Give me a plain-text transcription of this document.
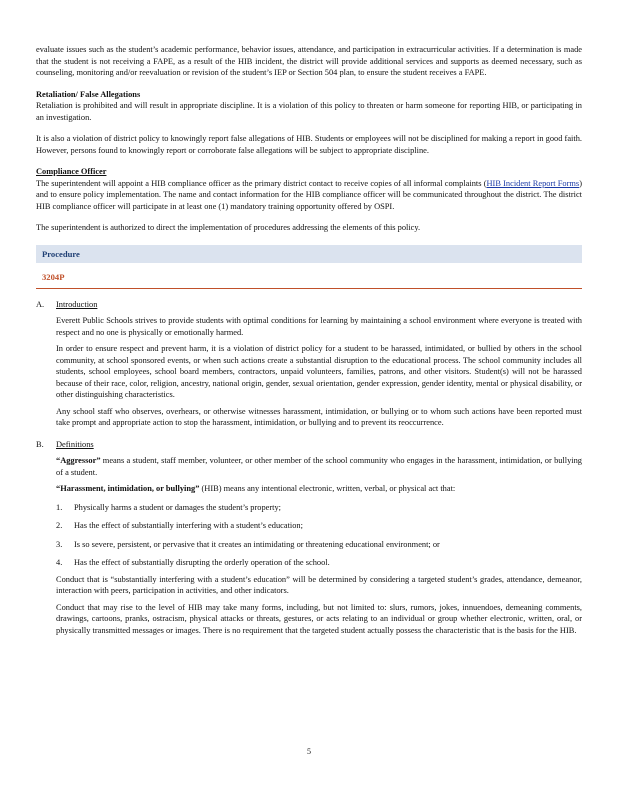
evaluate issues such as the student’s academic performance, behavior issues, attendance, and participation in extracurricular activities. If a determination is made that the student is not receiving a FAPE, as a result of the HIB incident, the district will provide additional services and supports as deemed necessary, such as counseling, monitoring and/or reevaluation or revision of the student’s IEP or Section 504 plan, to ensure the student receives a FAPE.

Retaliation/ False Allegations

Retaliation is prohibited and will result in appropriate discipline. It is a violation of this policy to threaten or harm someone for reporting HIB, or participating in an investigation.

It is also a violation of district policy to knowingly report false allegations of HIB. Students or employees will not be disciplined for making a report in good faith. However, persons found to knowingly report or corroborate false allegations will be subject to appropriate discipline.

Compliance Officer

The superintendent will appoint a HIB compliance officer as the primary district contact to receive copies of all informal complaints (HIB Incident Report Forms) and to ensure policy implementation. The name and contact information for the HIB compliance officer will be communicated throughout the district. The district HIB compliance officer will participate in at least one (1) mandatory training opportunity offered by OSPI.

The superintendent is authorized to direct the implementation of procedures addressing the elements of this policy.

Procedure
3204P
A.	Introduction

Everett Public Schools strives to provide students with optimal conditions for learning by maintaining a school environment where everyone is treated with respect and no one is physically or emotionally harmed.

In order to ensure respect and prevent harm, it is a violation of district policy for a student to be harassed, intimidated, or bullied by others in the school community, at school sponsored events, or when such actions create a substantial disruption to the educational process. The school community includes all students, school employees, school board members, contractors, unpaid volunteers, families, patrons, and other visitors. Student(s) will not be harassed because of their race, color, religion, ancestry, national origin, gender, sexual orientation, gender expression, gender identity, mental or physical disability, or other distinguishing characteristics.

Any school staff who observes, overhears, or otherwise witnesses harassment, intimidation, or bullying or to whom such actions have been reported must take prompt and appropriate action to stop the harassment, intimidation, or bullying and to prevent its reoccurrence.

B.	Definitions

“Aggressor” means a student, staff member, volunteer, or other member of the school community who engages in the harassment, intimidation, or bullying of a student.

“Harassment, intimidation, or bullying” (HIB) means any intentional electronic, written, verbal, or physical act that:

1.	Physically harms a student or damages the student’s property;
2.	Has the effect of substantially interfering with a student’s education;
3.	Is so severe, persistent, or pervasive that it creates an intimidating or threatening educational environment; or
4.	Has the effect of substantially disrupting the orderly operation of the school.

Conduct that is “substantially interfering with a student’s education” will be determined by considering a targeted student’s grades, attendance, demeanor, interaction with peers, participation in activities, and other indicators.

Conduct that may rise to the level of HIB may take many forms, including, but not limited to: slurs, rumors, jokes, innuendoes, demeaning comments, drawings, cartoons, pranks, ostracism, physical attacks or threats, gestures, or acts relating to an individual or group whether electronic, written, oral, or physically transmitted messages or images. There is no requirement that the targeted student actually possess the characteristic that is the basis for the HIB.

5
